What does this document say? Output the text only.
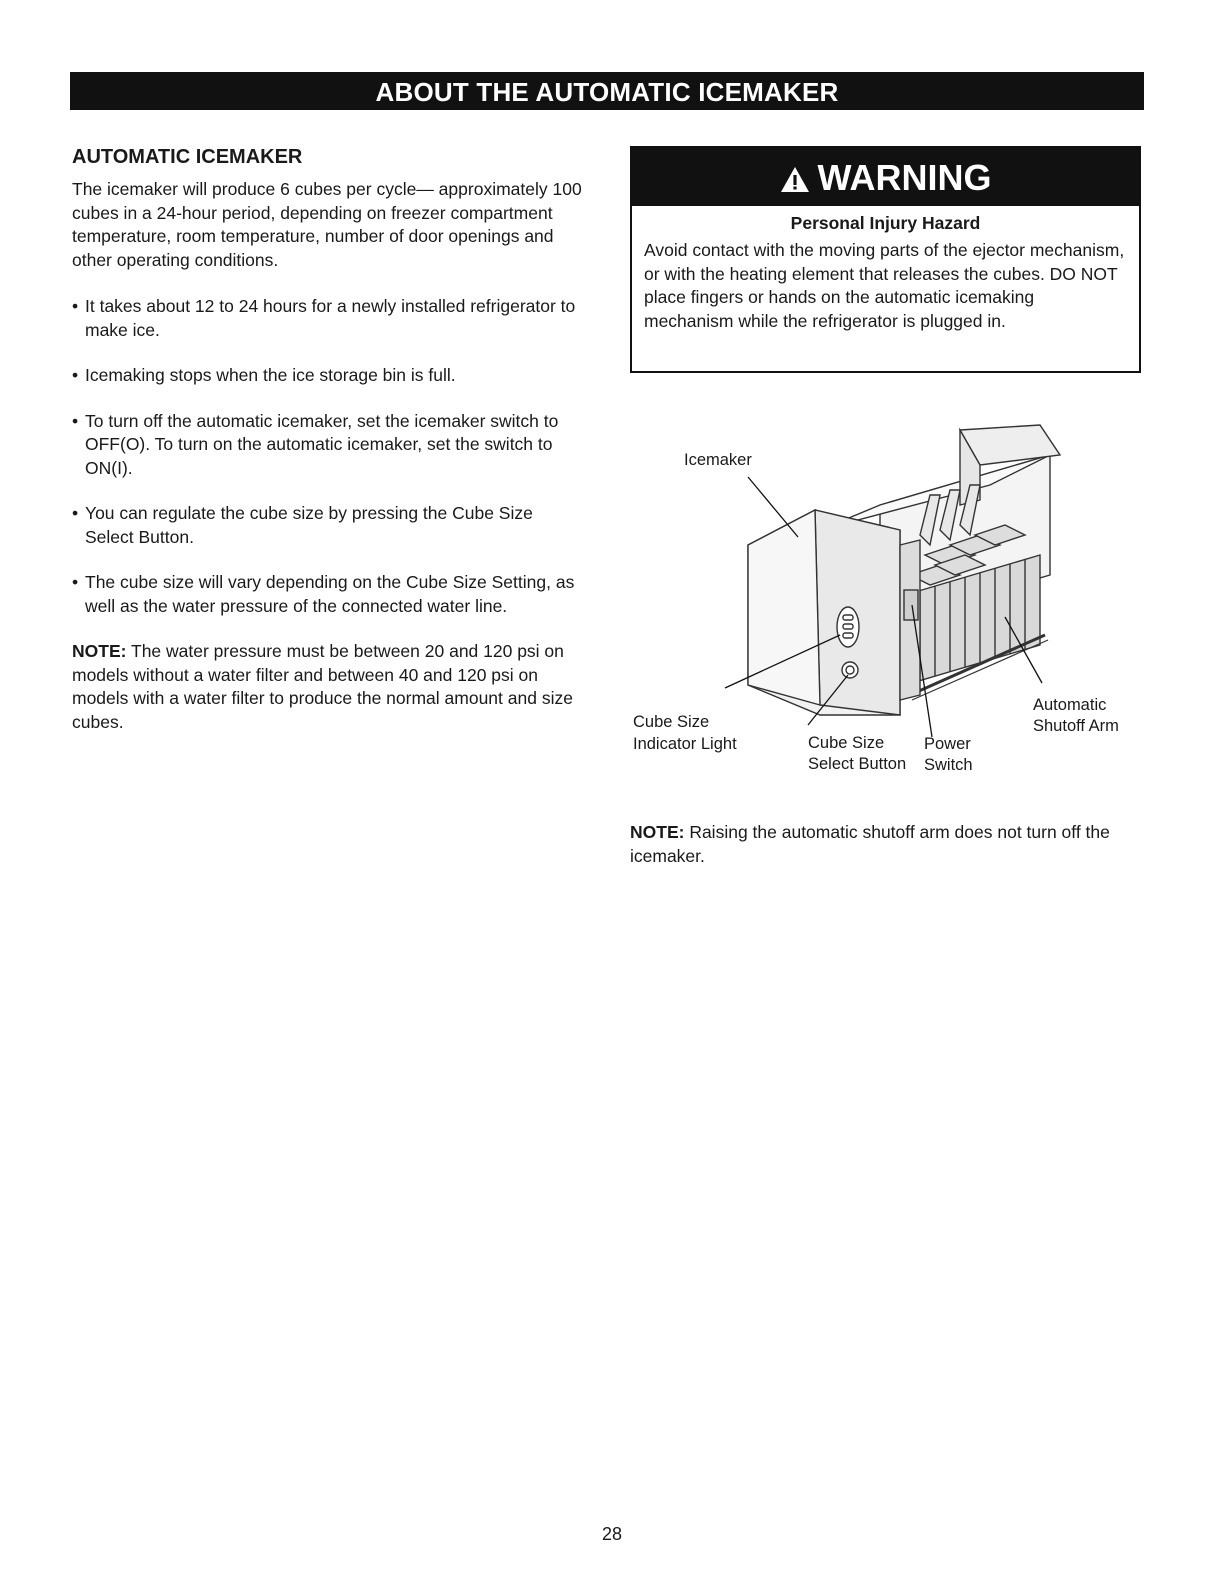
ABOUT THE AUTOMATIC ICEMAKER
AUTOMATIC ICEMAKER
The icemaker will produce 6 cubes per cycle— approximately 100 cubes in a 24-hour period, depending on freezer compartment temperature, room temperature, number of door openings and other operating conditions.
• It takes about 12 to 24 hours for a newly installed refrigerator to make ice.
• Icemaking stops when the ice storage bin is full.
• To turn off the automatic icemaker, set the icemaker switch to OFF(O). To turn on the automatic icemaker, set the switch to ON(I).
• You can regulate the cube size by pressing the Cube Size Select Button.
• The cube size will vary depending on the Cube Size Setting, as well as the water pressure of the connected water line.
NOTE: The water pressure must be between 20 and 120 psi on models without a water filter and between 40 and 120 psi on models with a water filter to produce the normal amount and size cubes.
WARNING
Personal Injury Hazard
Avoid contact with the moving parts of the ejector mechanism, or with the heating element that releases the cubes. DO NOT place fingers or hands on the automatic icemaking mechanism while the refrigerator is plugged in.
Icemaker
Cube Size
Indicator Light	Cube Size
Select Button
Power
Switch
Automatic
Shutoff Arm
NOTE: Raising the automatic shutoff arm does not turn off the icemaker.
28
